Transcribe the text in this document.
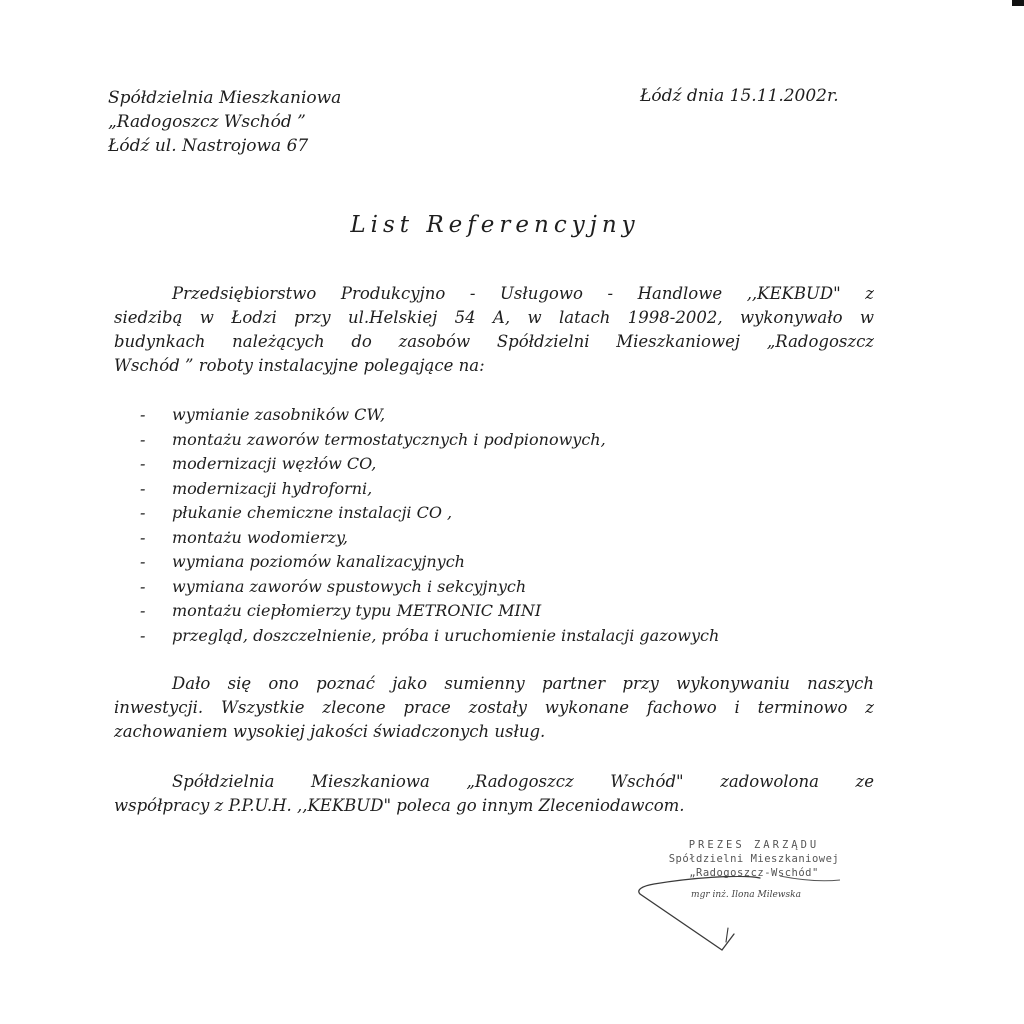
Spółdzielnia Mieszkaniowa
„Radogoszcz Wschód ”
Łódź ul. Nastrojowa 67
Łódź dnia 15.11.2002r.
List Referencyjny
Przedsiębiorstwo Produkcyjno - Usługowo - Handlowe ,,KEKBUD" z
siedzibą w Łodzi przy ul.Helskiej 54 A, w latach 1998-2002, wykonywało w
budynkach należących do zasobów Spółdzielni Mieszkaniowej „Radogoszcz
Wschód ” roboty instalacyjne polegające na:
-	wymianie zasobników CW,
-	montażu zaworów termostatycznych i podpionowych,
-	modernizacji węzłów CO,
-	modernizacji hydroforni,
-	płukanie chemiczne instalacji CO ,
-	montażu wodomierzy,
-	wymiana poziomów kanalizacyjnych
-	wymiana zaworów spustowych i sekcyjnych
-	montażu ciepłomierzy typu METRONIC MINI
-	przegląd, doszczelnienie, próba i uruchomienie instalacji gazowych
Dało się ono poznać jako sumienny partner przy wykonywaniu naszych
inwestycji. Wszystkie zlecone prace zostały wykonane fachowo i terminowo z
zachowaniem wysokiej jakości świadczonych usług.
Spółdzielnia Mieszkaniowa „Radogoszcz Wschód" zadowolona ze
współpracy z P.P.U.H. ,,KEKBUD" poleca go innym Zleceniodawcom.
PREZES ZARZĄDU
Spółdzielni Mieszkaniowej
„Radogoszcz-Wschód"
mgr inż. Ilona Milewska
